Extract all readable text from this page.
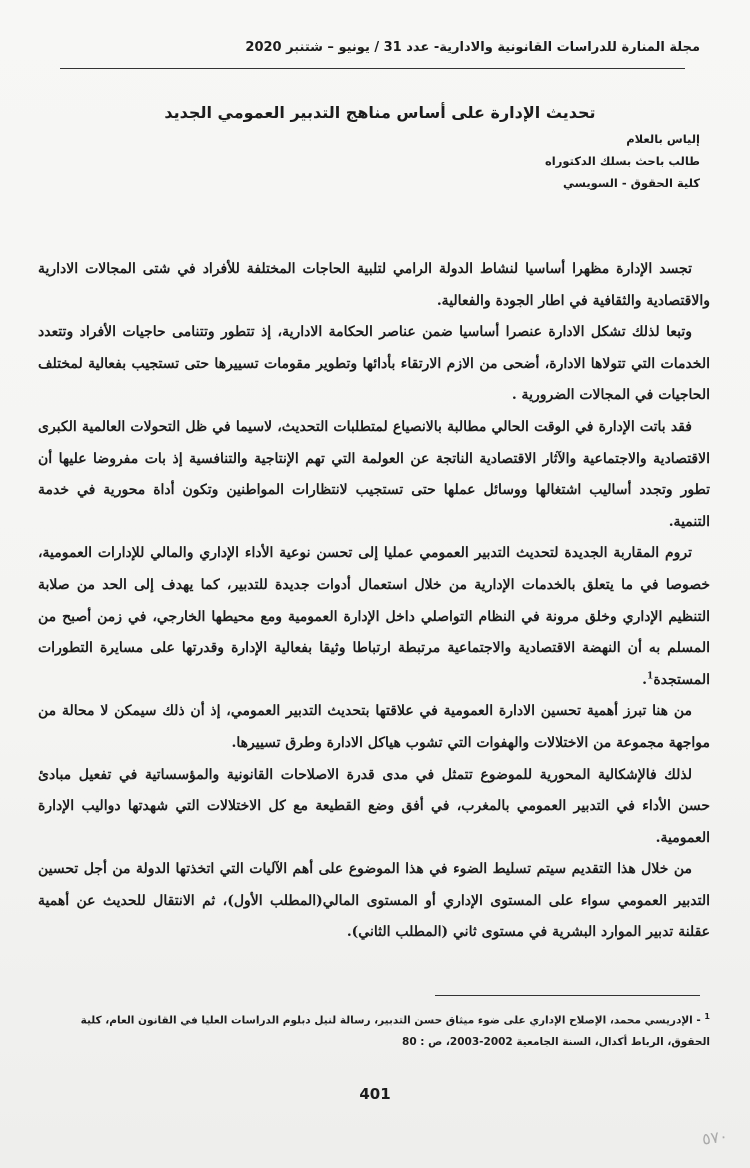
مجلة المنارة للدراسات القانونية والادارية- عدد 31 / يونيو – شتنبر 2020
تحديث الإدارة على أساس مناهج التدبير العمومي الجديد
إلياس بالعلام
طالب باحث بسلك الدكتوراه
كلية الحقوق - السويسي

تجسد الإدارة مظهرا أساسيا لنشاط الدولة الرامي لتلبية الحاجات المختلفة للأفراد في شتى المجالات الادارية والاقتصادية والثقافية في اطار الجودة والفعالية.

وتبعا لذلك تشكل الادارة عنصرا أساسيا ضمن عناصر الحكامة الادارية، إذ تتطور وتتنامى حاجيات الأفراد وتتعدد الخدمات التي تتولاها الادارة، أضحى من الازم الارتقاء بأدائها وتطوير مقومات تسييرها حتى تستجيب بفعالية لمختلف الحاجيات في المجالات الضرورية .

فقد باتت الإدارة في الوقت الحالي مطالبة بالانصياع لمتطلبات التحديث، لاسيما في ظل التحولات العالمية الكبرى الاقتصادية والاجتماعية والآثار الاقتصادية الناتجة عن العولمة التي تهم الإنتاجية والتنافسية إذ بات مفروضا عليها أن تطور وتجدد أساليب اشتغالها ووسائل عملها حتى تستجيب لانتظارات المواطنين وتكون أداة محورية في خدمة التنمية.

تروم المقاربة الجديدة لتحديث التدبير العمومي عمليا إلى تحسن نوعية الأداء الإداري والمالي للإدارات العمومية، خصوصا في ما يتعلق بالخدمات الإدارية من خلال استعمال أدوات جديدة للتدبير، كما يهدف إلى الحد من صلابة التنظيم الإداري وخلق مرونة في النظام التواصلي داخل الإدارة العمومية ومع محيطها الخارجي، في زمن أصبح من المسلم به أن النهضة الاقتصادية والاجتماعية مرتبطة ارتباطا وثيقا بفعالية الإدارة وقدرتها على مسايرة التطورات المستجدة$^1$.

من هنا تبرز أهمية تحسين الادارة العمومية في علاقتها بتحديث التدبير العمومي، إذ أن ذلك سيمكن لا محالة من مواجهة مجموعة من الاختلالات والهفوات التي تشوب هياكل الادارة وطرق تسييرها.

لذلك فالإشكالية المحورية للموضوع تتمثل في مدى قدرة الاصلاحات القانونية والمؤسساتية في تفعيل مبادئ حسن الأداء في التدبير العمومي بالمغرب، في أفق وضع القطيعة مع كل الاختلالات التي شهدتها دواليب الإدارة العمومية.

من خلال هذا التقديم سيتم تسليط الضوء في هذا الموضوع على أهم الآليات التي اتخذتها الدولة من أجل تحسين التدبير العمومي سواء على المستوى الإداري أو المستوى المالي(المطلب الأول)، ثم الانتقال للحديث عن أهمية عقلنة تدبير الموارد البشرية في مستوى ثاني (المطلب الثاني).

$^1$ - الإدريسي محمد، الإصلاح الإداري على ضوء ميثاق حسن التدبير، رسالة لنيل دبلوم الدراسات العليا في القانون العام، كلية الحقوق، الرباط أكدال، السنة الجامعية 2002-2003، ص : 80
401
٥٧٠
